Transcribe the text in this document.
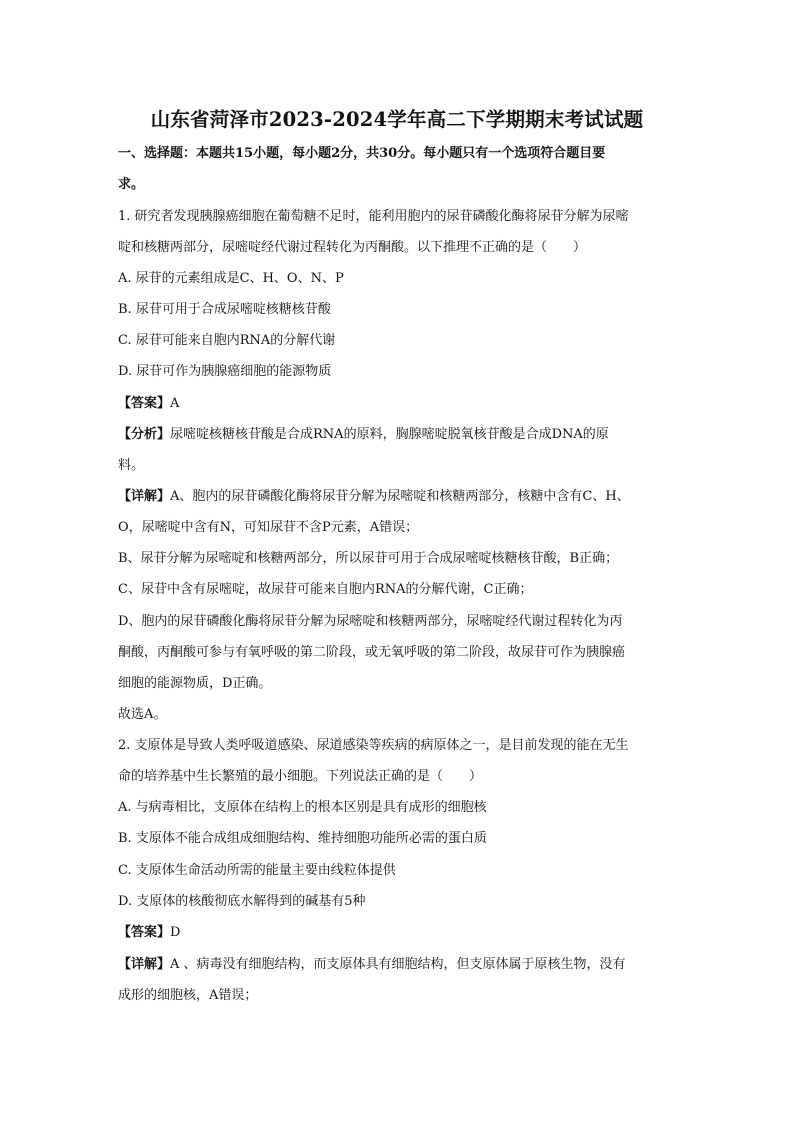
山东省菏泽市2023-2024学年高二下学期期末考试试题
一、选择题：本题共15小题，每小题2分，共30分。每小题只有一个选项符合题目要
求。
1. 研究者发现胰腺癌细胞在葡萄糖不足时，能利用胞内的尿苷磷酸化酶将尿苷分解为尿嘧
啶和核糖两部分，尿嘧啶经代谢过程转化为丙酮酸。以下推理不正确的是（　　）
A. 尿苷的元素组成是C、H、O、N、P
B. 尿苷可用于合成尿嘧啶核糖核苷酸
C. 尿苷可能来自胞内RNA的分解代谢
D. 尿苷可作为胰腺癌细胞的能源物质
【答案】A
【分析】尿嘧啶核糖核苷酸是合成RNA的原料，胸腺嘧啶脱氧核苷酸是合成DNA的原
料。
【详解】A、胞内的尿苷磷酸化酶将尿苷分解为尿嘧啶和核糖两部分，核糖中含有C、H、
O，尿嘧啶中含有N，可知尿苷不含P元素，A错误；
B、尿苷分解为尿嘧啶和核糖两部分，所以尿苷可用于合成尿嘧啶核糖核苷酸，B正确；
C、尿苷中含有尿嘧啶，故尿苷可能来自胞内RNA的分解代谢，C正确；
D、胞内的尿苷磷酸化酶将尿苷分解为尿嘧啶和核糖两部分，尿嘧啶经代谢过程转化为丙
酮酸，丙酮酸可参与有氧呼吸的第二阶段，或无氧呼吸的第二阶段，故尿苷可作为胰腺癌
细胞的能源物质，D正确。
故选A。
2. 支原体是导致人类呼吸道感染、尿道感染等疾病的病原体之一，是目前发现的能在无生
命的培养基中生长繁殖的最小细胞。下列说法正确的是（　　）
A. 与病毒相比，支原体在结构上的根本区别是具有成形的细胞核
B. 支原体不能合成组成细胞结构、维持细胞功能所必需的蛋白质
C. 支原体生命活动所需的能量主要由线粒体提供
D. 支原体的核酸彻底水解得到的碱基有5种
【答案】D
【详解】A 、病毒没有细胞结构，而支原体具有细胞结构，但支原体属于原核生物，没有
成形的细胞核，A错误；
